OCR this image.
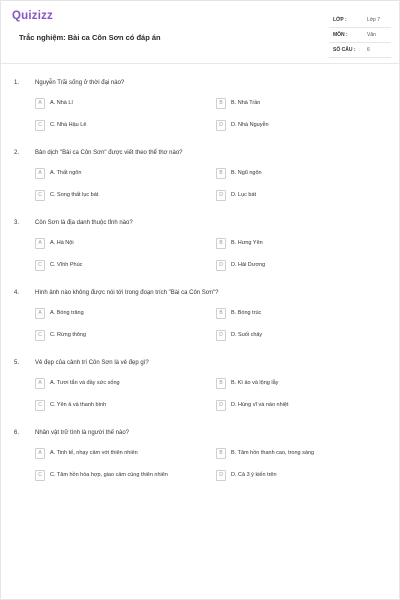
Quizizz
Trắc nghiệm: Bài ca Côn Sơn có đáp án
LỚP :	Lớp 7
MÔN :	Văn
SỐ CÂU : 6
1.	Nguyễn Trãi sống ở thời đại nào?
A	A. Nhà Lí	B	B. Nhà Trần
C	C. Nhà Hậu Lê	D	D. Nhà Nguyễn
2.	Bản dịch "Bài ca Côn Sơn" được viết theo thể thơ nào?
A	A. Thất ngôn	B	B. Ngũ ngôn
C	C. Song thất lục bát	D	D. Lục bát
3.	Côn Sơn là địa danh thuộc tỉnh nào?
A	A. Hà Nội	B	B. Hưng Yên
C	C. Vĩnh Phúc	D	D. Hải Dương
4.	Hình ảnh nào không được nói tới trong đoạn trích "Bài ca Côn Sơn"?
A	A. Bóng trăng	B	B. Bóng trúc
C	C. Rừng thông	D	D. Suối chảy
5.	Vẻ đẹp của cảnh trí Côn Sơn là vẻ đẹp gì?
A	A. Tươi tắn và đầy sức sống	B	B. Kì ảo và lộng lẫy
C	C. Yên ả và thanh bình	D	D. Hùng vĩ và náo nhiệt
6.	Nhân vật trữ tình là người thế nào?
A	A. Tinh tế, nhạy cảm với thiên nhiên	B	B. Tâm hồn thanh cao, trong sáng
C	C. Tâm hồn hòa hợp, giao cảm cùng thiên nhiên	D	D. Cả 3 ý kiến trên
